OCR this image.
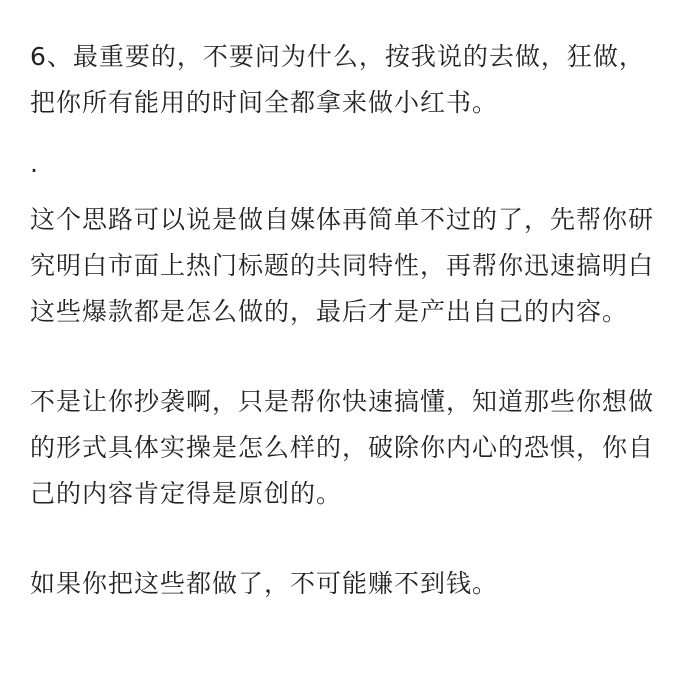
6、最重要的，不要问为什么，按我说的去做，狂做，把你所有能用的时间全都拿来做小红书。

·

这个思路可以说是做自媒体再简单不过的了，先帮你研究明白市面上热门标题的共同特性，再帮你迅速搞明白这些爆款都是怎么做的，最后才是产出自己的内容。

不是让你抄袭啊，只是帮你快速搞懂，知道那些你想做的形式具体实操是怎么样的，破除你内心的恐惧，你自己的内容肯定得是原创的。

如果你把这些都做了，不可能赚不到钱。
